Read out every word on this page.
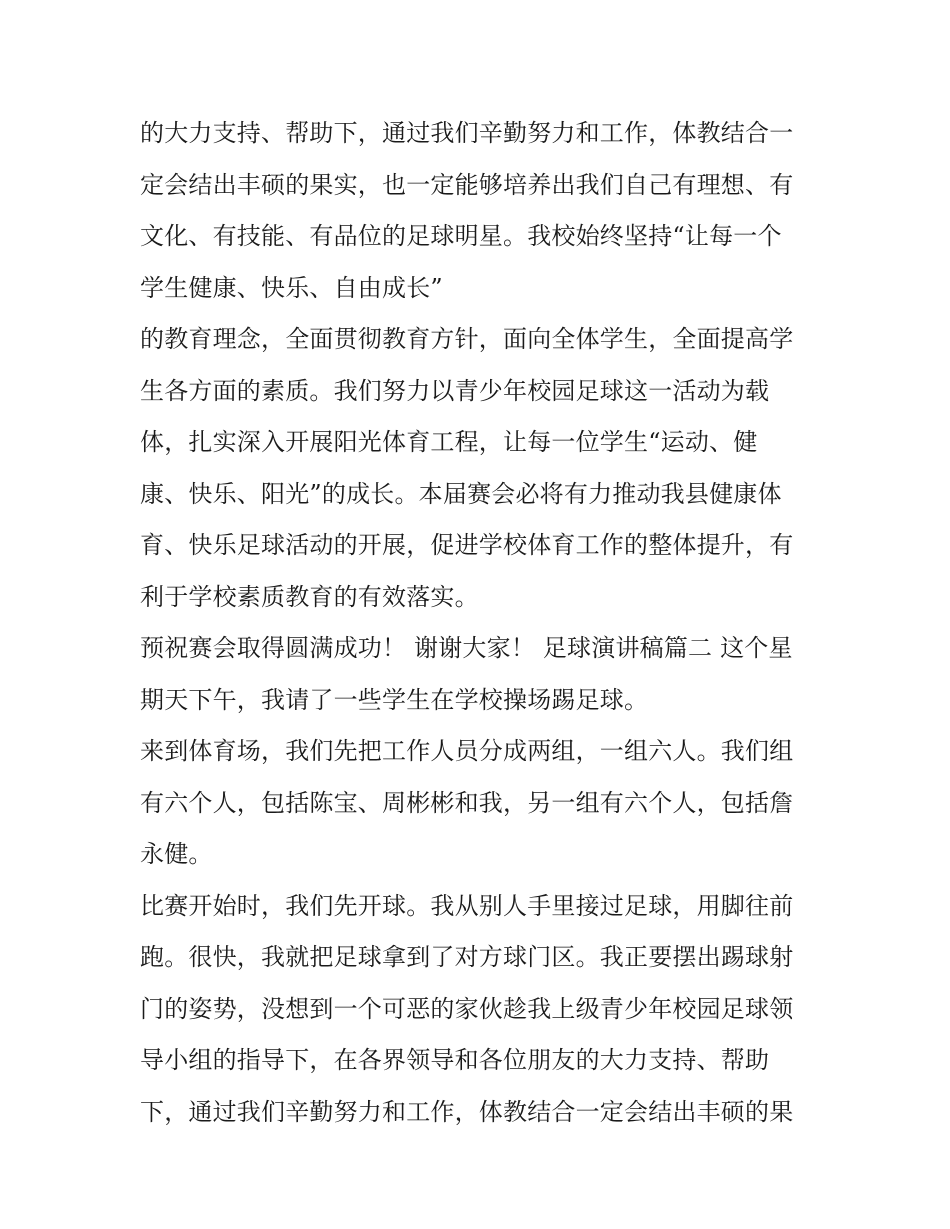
的大力支持、帮助下，通过我们辛勤努力和工作，体教结合一
定会结出丰硕的果实，也一定能够培养出我们自己有理想、有
文化、有技能、有品位的足球明星。我校始终坚持“让每一个
学生健康、快乐、自由成长”
的教育理念，全面贯彻教育方针，面向全体学生，全面提高学
生各方面的素质。我们努力以青少年校园足球这一活动为载
体，扎实深入开展阳光体育工程，让每一位学生“运动、健
康、快乐、阳光”的成长。本届赛会必将有力推动我县健康体
育、快乐足球活动的开展，促进学校体育工作的整体提升，有
利于学校素质教育的有效落实。
预祝赛会取得圆满成功！ 谢谢大家！ 足球演讲稿篇二 这个星
期天下午，我请了一些学生在学校操场踢足球。
来到体育场，我们先把工作人员分成两组，一组六人。我们组
有六个人，包括陈宝、周彬彬和我，另一组有六个人，包括詹
永健。
比赛开始时，我们先开球。我从别人手里接过足球，用脚往前
跑。很快，我就把足球拿到了对方球门区。我正要摆出踢球射
门的姿势，没想到一个可恶的家伙趁我上级青少年校园足球领
导小组的指导下，在各界领导和各位朋友的大力支持、帮助
下，通过我们辛勤努力和工作，体教结合一定会结出丰硕的果
